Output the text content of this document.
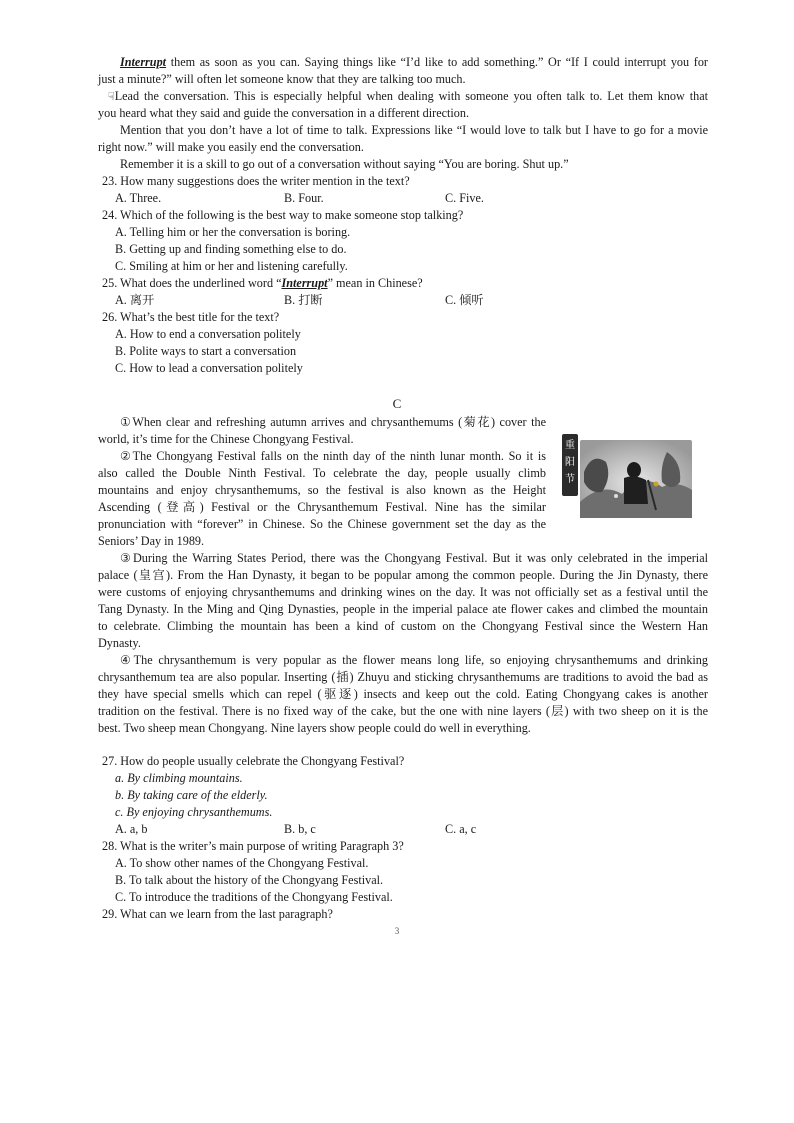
Interrupt them as soon as you can. Saying things like “I’d like to add something.” Or “If I could interrupt you for
just a minute?” will often let someone know that they are talking too much.
☟Lead the conversation. This is especially helpful when dealing with someone you often talk to. Let them know that
you heard what they said and guide the conversation in a different direction.
Mention that you don’t have a lot of time to talk. Expressions like “I would love to talk but I have to go for a movie
right now.” will make you easily end the conversation.
Remember it is a skill to go out of a conversation without saying “You are boring. Shut up.”
23. How many suggestions does the writer mention in the text?
A. Three.	B. Four.	C. Five.
24. Which of the following is the best way to make someone stop talking?
A. Telling him or her the conversation is boring.
B. Getting up and finding something else to do.
C. Smiling at him or her and listening carefully.
25. What does the underlined word “Interrupt” mean in Chinese?
A. 离开	B. 打断	C. 倾听
26. What’s the best title for the text?
A. How to end a conversation politely
B. Polite ways to start a conversation
C. How to lead a conversation politely
C
①When clear and refreshing autumn arrives and chrysanthemums (菊花) cover the
world, it’s time for the Chinese Chongyang Festival.
②The Chongyang Festival falls on the ninth day of the ninth lunar month. So it is
also called the Double Ninth Festival. To celebrate the day, people usually climb
mountains and enjoy chrysanthemums, so the festival is also known as the Height
Ascending (登高) Festival or the Chrysanthemum Festival. Nine has the similar
pronunciation with “forever” in Chinese. So the Chinese government set the day as the
Seniors’ Day in 1989.
重阳节
③During the Warring States Period, there was the Chongyang Festival. But it was only celebrated in the imperial
palace (皇宫). From the Han Dynasty, it began to be popular among the common people. During the Jin Dynasty, there
were customs of enjoying chrysanthemums and drinking wines on the day. It was not officially set as a festival until the
Tang Dynasty. In the Ming and Qing Dynasties, people in the imperial palace ate flower cakes and climbed the mountain
to celebrate. Climbing the mountain has been a kind of custom on the Chongyang Festival since the Western Han
Dynasty.
④The chrysanthemum is very popular as the flower means long life, so enjoying chrysanthemums and drinking
chrysanthemum tea are also popular. Inserting (插) Zhuyu and sticking chrysanthemums are traditions to avoid the bad as
they have special smells which can repel (驱逐) insects and keep out the cold. Eating Chongyang cakes is another
tradition on the festival. There is no fixed way of the cake, but the one with nine layers (层) with two sheep on it is the
best. Two sheep mean Chongyang. Nine layers show people could do well in everything.
27. How do people usually celebrate the Chongyang Festival?
a. By climbing mountains.
b. By taking care of the elderly.
c. By enjoying chrysanthemums.
A. a, b	B. b, c	C. a, c
28. What is the writer’s main purpose of writing Paragraph 3?
A. To show other names of the Chongyang Festival.
B. To talk about the history of the Chongyang Festival.
C. To introduce the traditions of the Chongyang Festival.
29. What can we learn from the last paragraph?
3
